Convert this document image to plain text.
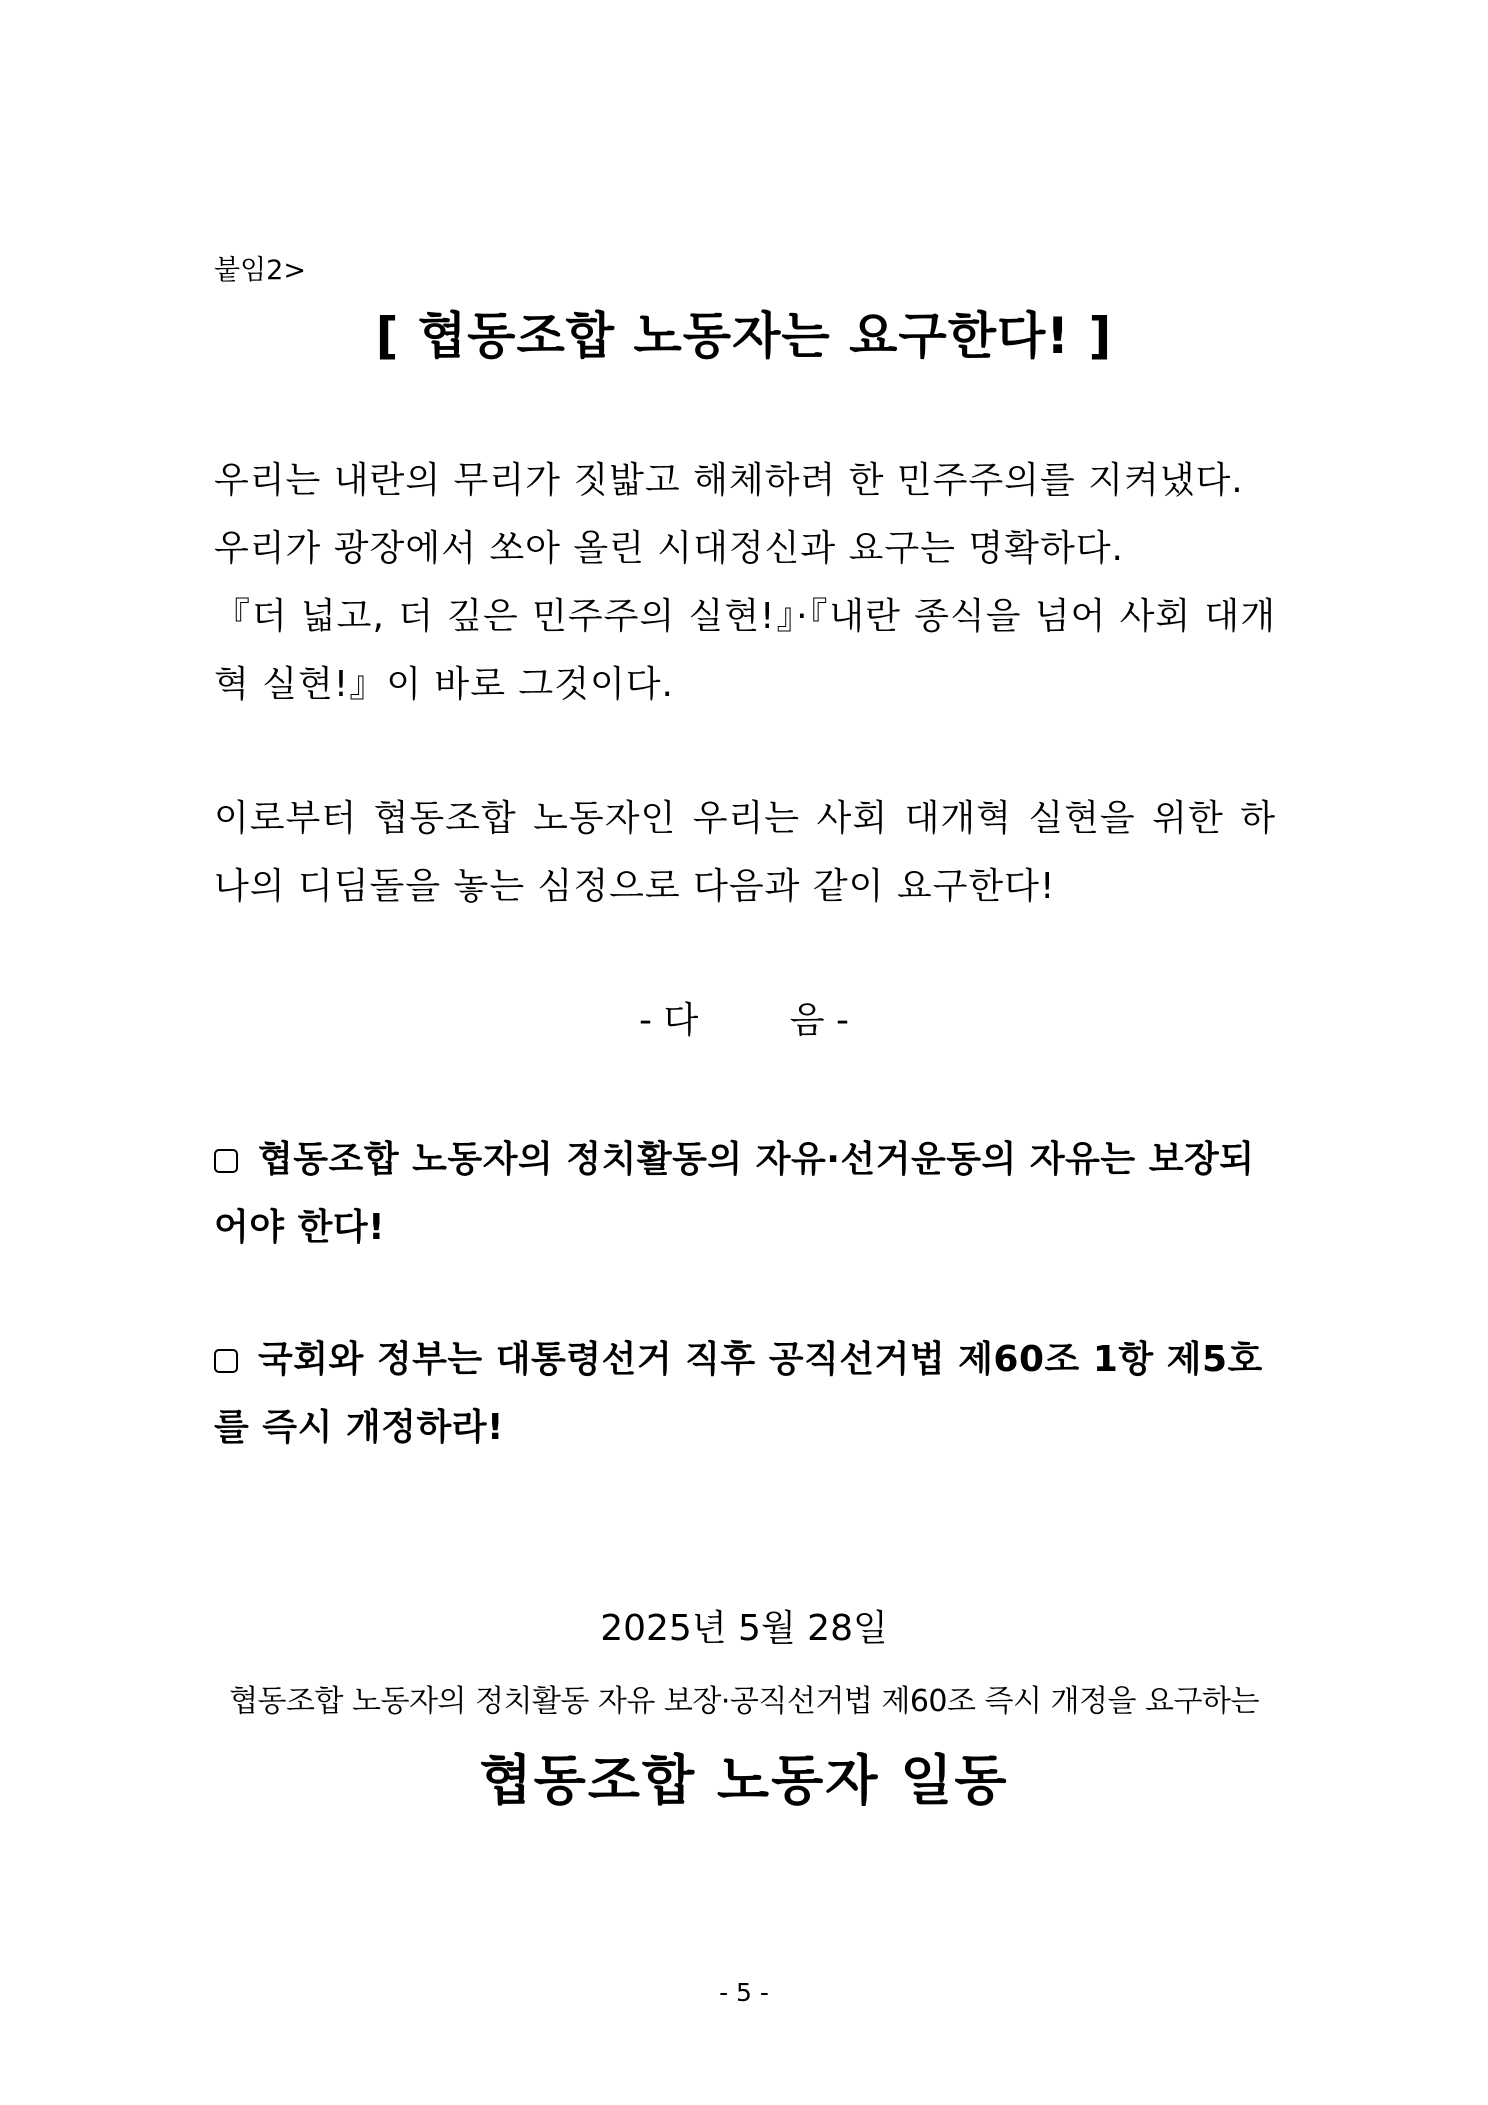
붙임2>
[ 협동조합 노동자는 요구한다! ]

우리는 내란의 무리가 짓밟고 해체하려 한 민주주의를 지켜냈다.

우리가 광장에서 쏘아 올린 시대정신과 요구는 명확하다.

『더 넓고, 더 깊은 민주주의 실현!』·『내란 종식을 넘어 사회 대개혁 실현!』이 바로 그것이다.

이로부터 협동조합 노동자인 우리는 사회 대개혁 실현을 위한 하나의 디딤돌을 놓는 심정으로 다음과 같이 요구한다!

- 다        음 -
협동조합 노동자의 정치활동의 자유·선거운동의 자유는 보장되어야 한다!
국회와 정부는 대통령선거 직후 공직선거법 제60조 1항 제5호를 즉시 개정하라!
2025년 5월 28일
협동조합 노동자의 정치활동 자유 보장·공직선거법 제60조 즉시 개정을 요구하는
협동조합 노동자 일동
- 5 -
